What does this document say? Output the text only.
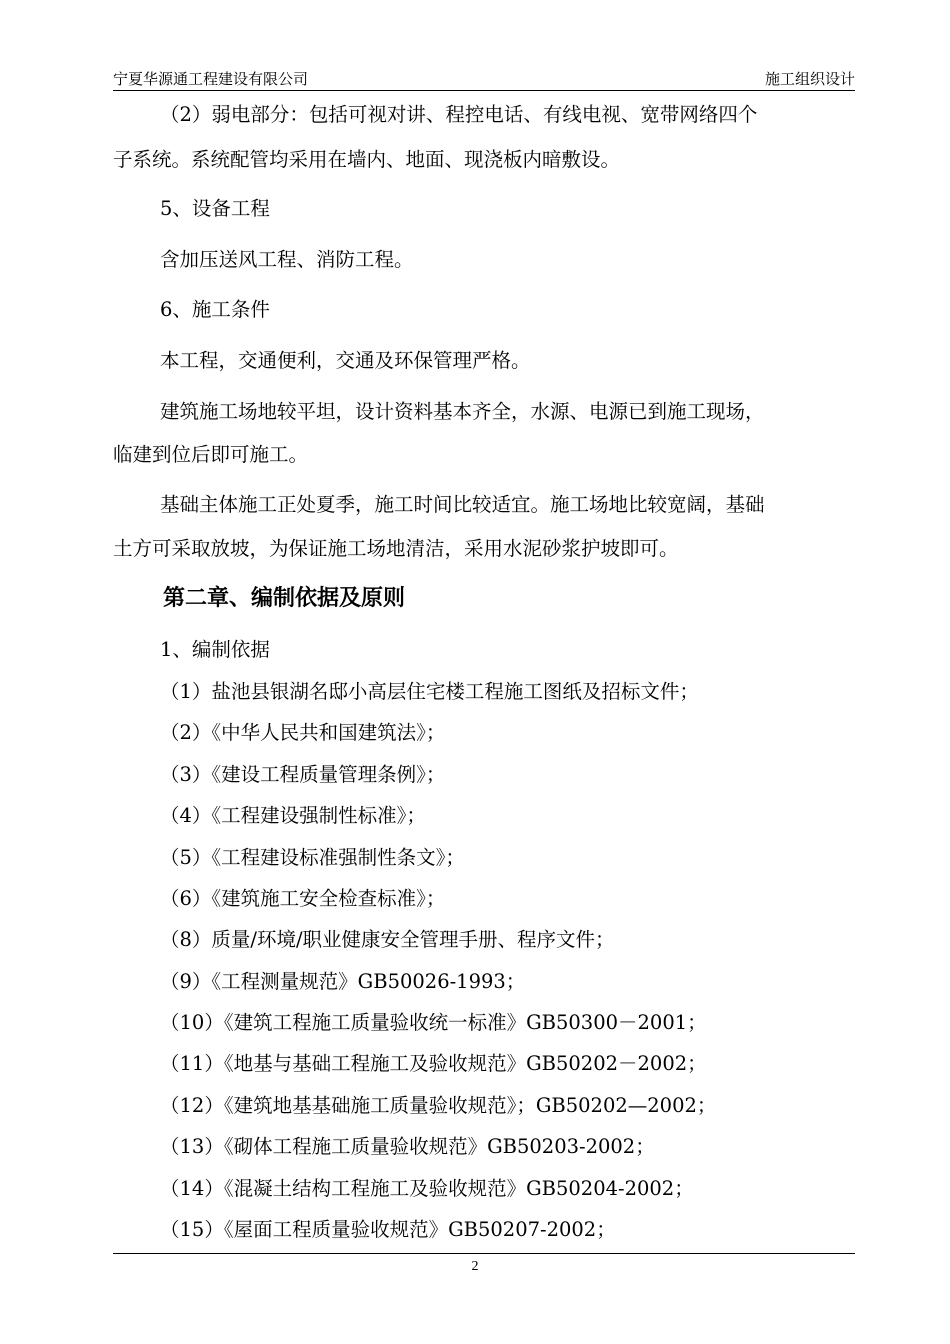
宁夏华源通工程建设有限公司	施工组织设计
（2）弱电部分：包括可视对讲、程控电话、有线电视、宽带网络四个
子系统。系统配管均采用在墙内、地面、现浇板内暗敷设。
5、设备工程
含加压送风工程、消防工程。
6、施工条件
本工程，交通便利，交通及环保管理严格。
建筑施工场地较平坦，设计资料基本齐全，水源、电源已到施工现场，
临建到位后即可施工。
基础主体施工正处夏季，施工时间比较适宜。施工场地比较宽阔，基础
土方可采取放坡，为保证施工场地清洁，采用水泥砂浆护坡即可。
第二章、编制依据及原则
1、编制依据
（1）盐池县银湖名邸小高层住宅楼工程施工图纸及招标文件；
（2）《中华人民共和国建筑法》；
（3）《建设工程质量管理条例》；
（4）《工程建设强制性标准》；
（5）《工程建设标准强制性条文》；
（6）《建筑施工安全检查标准》；
（8）质量/环境/职业健康安全管理手册、程序文件；
（9）《工程测量规范》GB50026-1993；
（10）《建筑工程施工质量验收统一标准》GB50300－2001；
（11）《地基与基础工程施工及验收规范》GB50202－2002；
（12）《建筑地基基础施工质量验收规范》；GB50202—2002；
（13）《砌体工程施工质量验收规范》GB50203-2002；
（14）《混凝土结构工程施工及验收规范》GB50204-2002；
（15）《屋面工程质量验收规范》GB50207-2002；
2
